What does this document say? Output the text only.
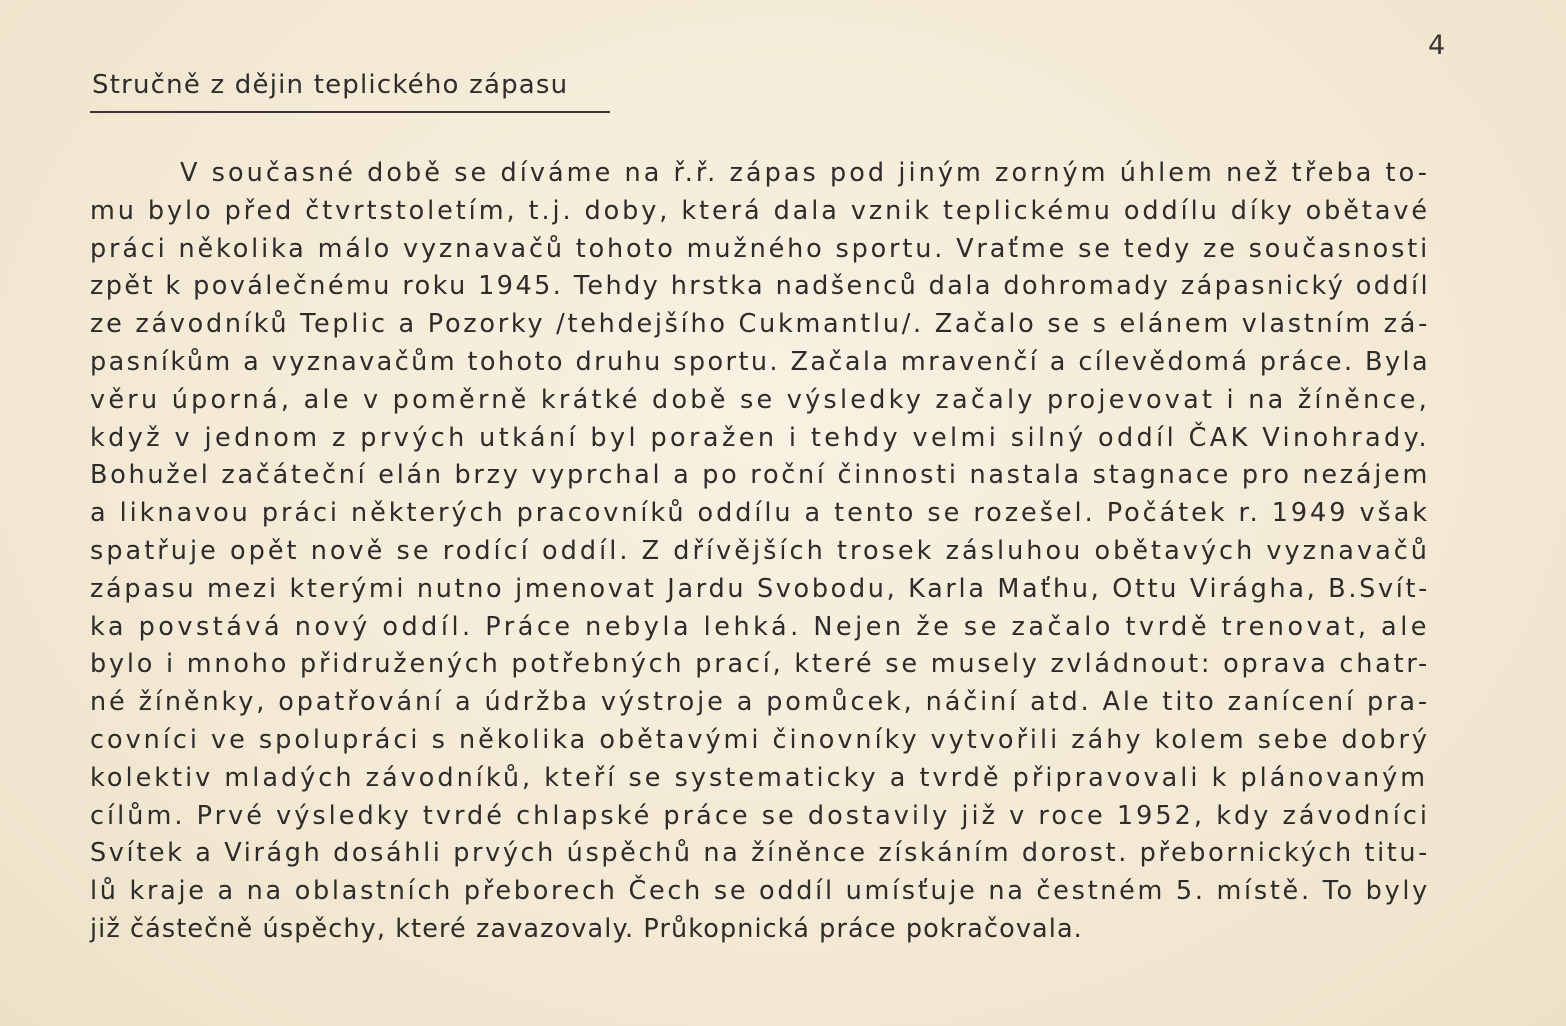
4
Stručně z dějin teplického zápasu
V současné době se díváme na ř.ř. zápas pod jiným zorným úhlem než třeba to-
mu bylo před čtvrtstoletím, t.j. doby, která dala vznik teplickému oddílu díky obětavé
práci několika málo vyznavačů tohoto mužného sportu. Vraťme se tedy ze současnosti
zpět k poválečnému roku 1945. Tehdy hrstka nadšenců dala dohromady zápasnický oddíl
ze závodníků Teplic a Pozorky /tehdejšího Cukmantlu/. Začalo se s elánem vlastním zá-
pasníkům a vyznavačům tohoto druhu sportu. Začala mravenčí a cílevědomá práce. Byla
věru úporná, ale v poměrně krátké době se výsledky začaly projevovat i na žíněnce,
když v jednom z prvých utkání byl poražen i tehdy velmi silný oddíl ČAK Vinohrady.
Bohužel začáteční elán brzy vyprchal a po roční činnosti nastala stagnace pro nezájem
a liknavou práci některých pracovníků oddílu a tento se rozešel. Počátek r. 1949 však
spatřuje opět nově se rodící oddíl. Z dřívějších trosek zásluhou obětavých vyznavačů
zápasu mezi kterými nutno jmenovat Jardu Svobodu, Karla Maťhu, Ottu Virágha, B.Svít-
ka povstává nový oddíl. Práce nebyla lehká. Nejen že se začalo tvrdě trenovat, ale
bylo i mnoho přidružených potřebných prací, které se musely zvládnout: oprava chatr-
né žíněnky, opatřování a údržba výstroje a pomůcek, náčiní atd. Ale tito zanícení pra-
covníci ve spolupráci s několika obětavými činovníky vytvořili záhy kolem sebe dobrý
kolektiv mladých závodníků, kteří se systematicky a tvrdě připravovali k plánovaným
cílům. Prvé výsledky tvrdé chlapské práce se dostavily již v roce 1952, kdy závodníci
Svítek a Virágh dosáhli prvých úspěchů na žíněnce získáním dorost. přebornických titu-
lů kraje a na oblastních přeborech Čech se oddíl umísťuje na čestném 5. místě. To byly
již částečně úspěchy, které zavazovaly. Průkopnická práce pokračovala.
